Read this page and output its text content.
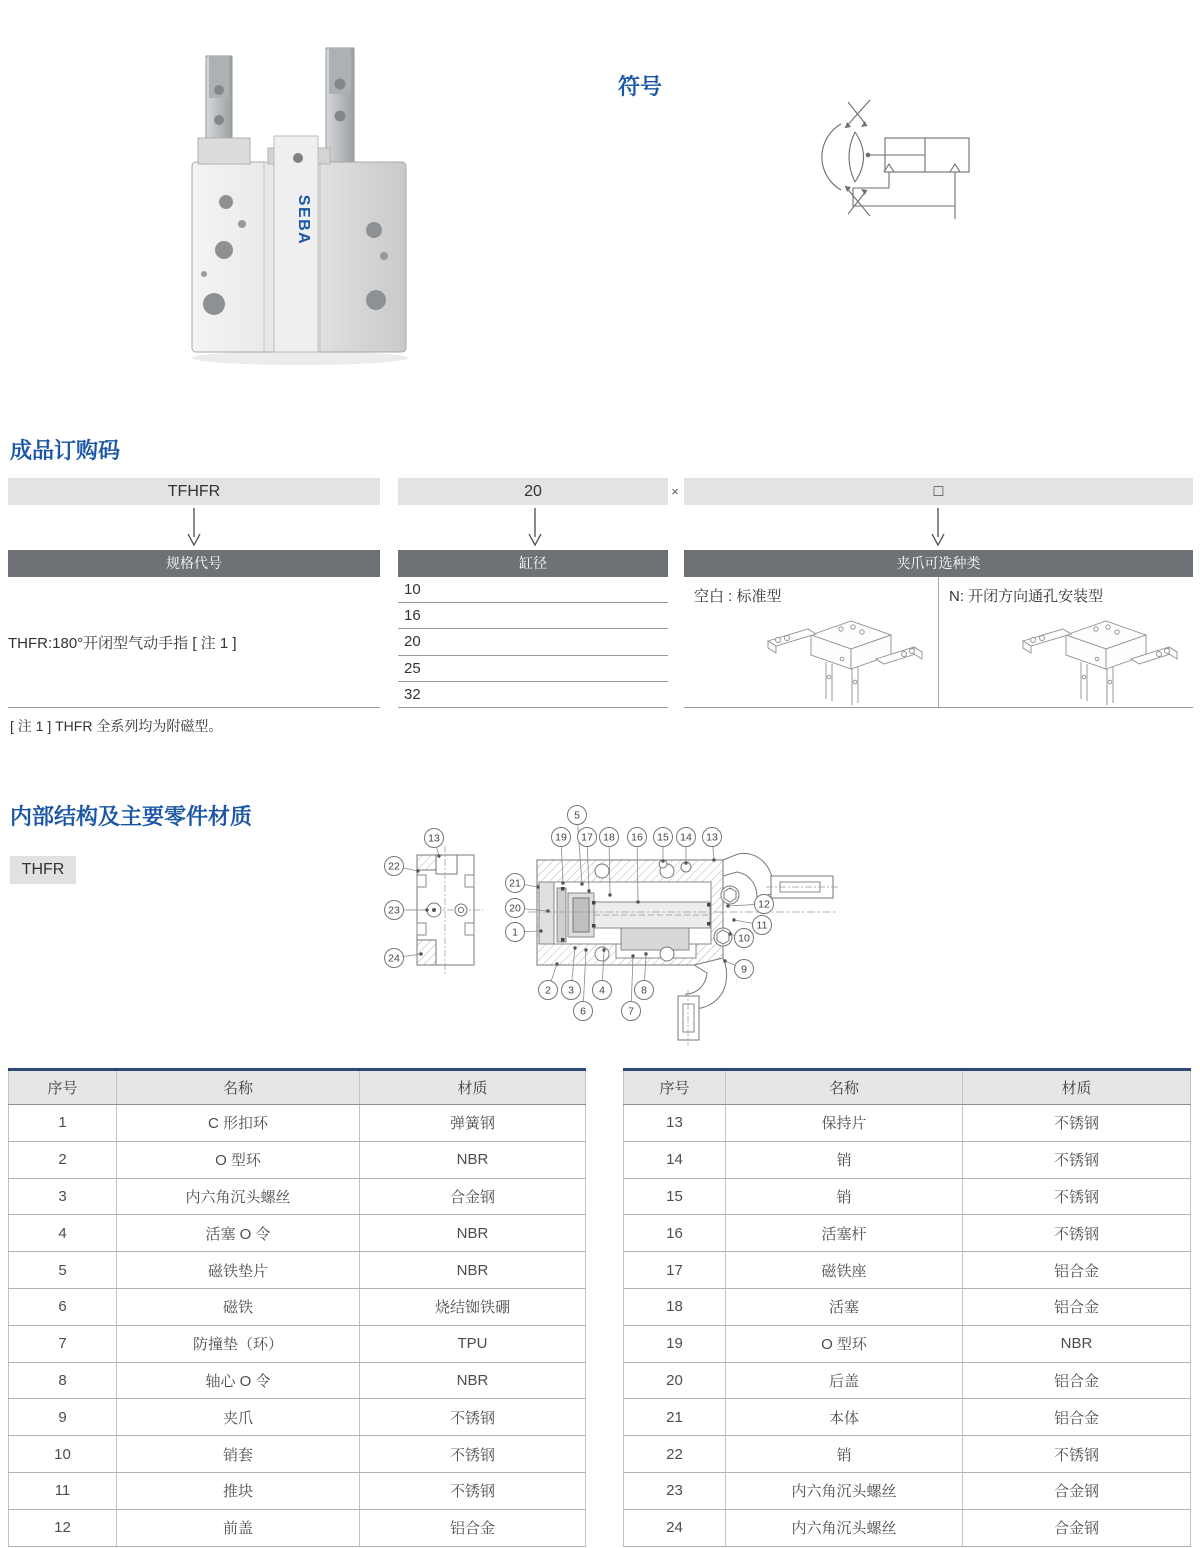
SEBA
符号
成品订购码
TFHFR	20	×	□
规格代号	缸径	夹爪可选种类
THFR:180°开闭型气动手指 [ 注 1 ]
10
16
20
25
32
空白 : 标准型	N: 开闭方向通孔安装型
[ 注 1 ] THFR 全系列均为附磁型。
内部结构及主要零件材质
THFR
13
22
23
24
5
19 17 18 16 15 14 13
21
20
1
12
11
10
9
2 3 4	8
6	7
序号	名称	材质
1	C 形扣环	弹簧钢
2	O 型环	NBR
3	内六角沉头螺丝	合金钢
4	活塞 O 令	NBR
5	磁铁垫片	NBR
6	磁铁	烧结铷铁硼
7	防撞垫（环）	TPU
8	轴心 O 令	NBR
9	夹爪	不锈钢
10	销套	不锈钢
11	推块	不锈钢
12	前盖	铝合金
序号	名称	材质
13	保持片	不锈钢
14	销	不锈钢
15	销	不锈钢
16	活塞杆	不锈钢
17	磁铁座	铝合金
18	活塞	铝合金
19	O 型环	NBR
20	后盖	铝合金
21	本体	铝合金
22	销	不锈钢
23	内六角沉头螺丝	合金钢
24	内六角沉头螺丝	合金钢
